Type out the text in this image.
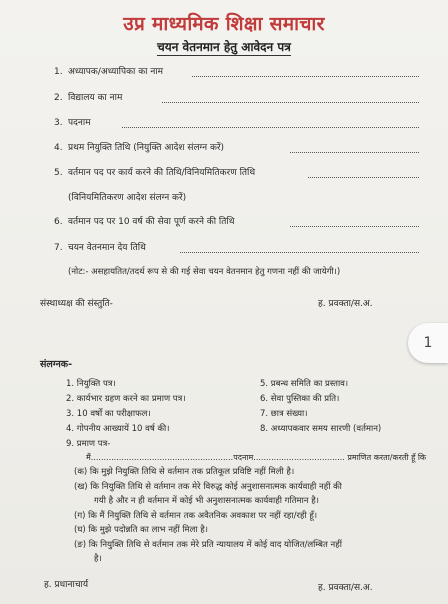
उप्र माध्यमिक शिक्षा समाचार
चयन वेतनमान हेतु आवेदन पत्र
1. अध्यापक/अध्यापिका का नाम
2. विद्यालय का नाम
3. पदनाम
4. प्रथम नियुक्ति तिथि (नियुक्ति आदेश संलग्न करें)
5. वर्तमान पद पर कार्य करने की तिथि/विनियमितिकरण तिथि
(विनियमितिकरण आदेश संलग्न करें)
6. वर्तमान पद पर 10 वर्ष की सेवा पूर्ण करने की तिथि
7. चयन वेतनमान देय तिथि
(नोट:- असहायतित/तदर्थ रूप से की गई सेवा चयन वेतनमान हेतु गणना नहीं की जायेगी।)
संस्थाध्यक्ष की संस्तुति-	ह. प्रवक्ता/स.अ.
1
संलग्नक-
1. नियुक्ति पत्र।
2. कार्यभार ग्रहण करने का प्रमाण पत्र।
3. 10 वर्षों का परीक्षाफल।
4. गोपनीय आख्यायें 10 वर्ष की।
9. प्रमाण पत्र-
5. प्रबन्ध समिति का प्रस्ताव।
6. सेवा पुस्तिका की प्रति।
7. छात्र संख्या।
8. अध्यापकवार समय सारणी (वर्तमान)
मैं........................................................पदनाम.................................... प्रमाणित करता/करती हूँ कि
(क) कि मुझे नियुक्ति तिथि से वर्तमान तक प्रतिकूल प्रविष्टि नहीं मिली है।
(ख) कि नियुक्ति तिथि से वर्तमान तक मेरे विरुद्ध कोई अनुशासनात्मक कार्यवाही नहीं की
गयी है और न ही वर्तमान में कोई भी अनुशासनात्मक कार्यवाही गतिमान है।
(ग) कि मैं नियुक्ति तिथि से वर्तमान तक अवैतनिक अवकाश पर नहीं रहा/रही हूँ।
(घ) कि मुझे पदोन्नति का लाभ नहीं मिला है।
(ङ) कि नियुक्ति तिथि से वर्तमान तक मेरे प्रति न्यायालय में कोई वाद योजित/लम्बित नहीं
है।
ह. प्रधानाचार्य	ह. प्रवक्ता/स.अ.
